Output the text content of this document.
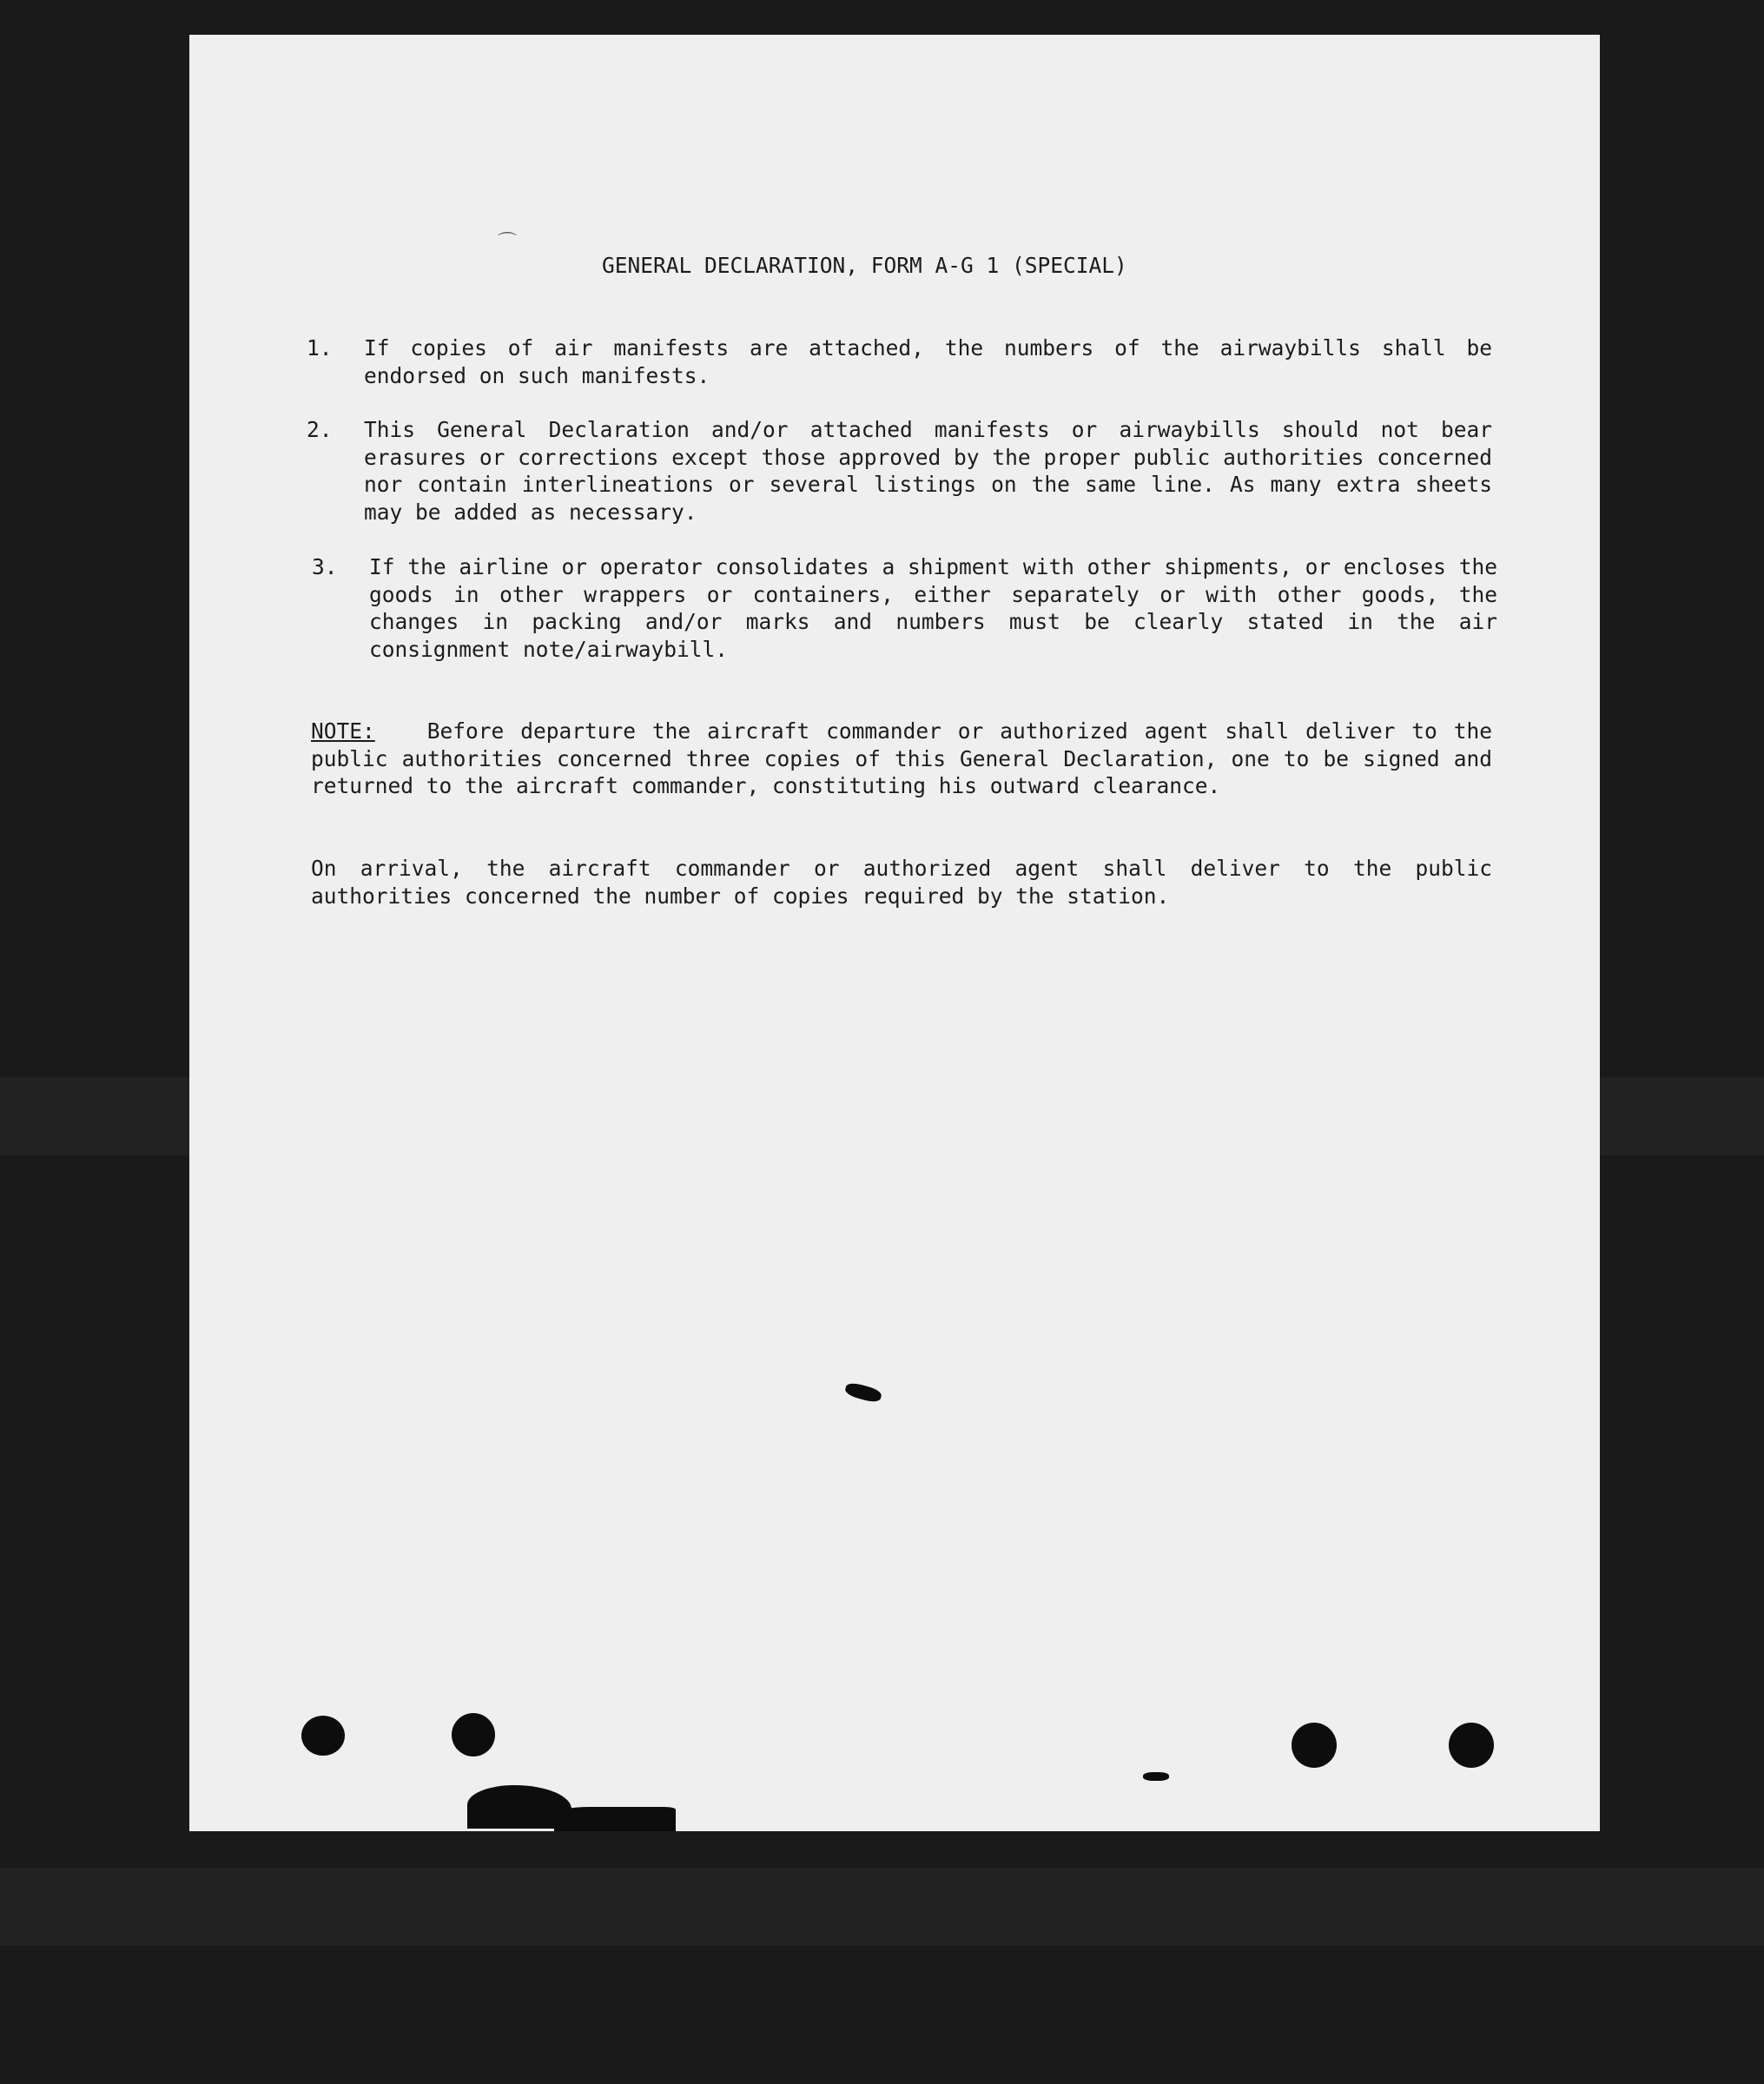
⌒
GENERAL DECLARATION, FORM A-G 1 (SPECIAL)
1. If copies of air manifests are attached, the numbers of the airwaybills shall be endorsed on such manifests.
2. This General Declaration and/or attached manifests or airwaybills should not bear erasures or corrections except those approved by the proper public authorities concerned nor contain interlineations or several listings on the same line. As many extra sheets may be added as necessary.
3. If the airline or operator consolidates a shipment with other shipments, or encloses the goods in other wrappers or containers, either separately or with other goods, the changes in packing and/or marks and numbers must be clearly stated in the air consignment note/airwaybill.
NOTE: Before departure the aircraft commander or authorized agent shall deliver to the public authorities concerned three copies of this General Declaration, one to be signed and returned to the aircraft commander, constituting his outward clearance.
On arrival, the aircraft commander or authorized agent shall deliver to the public authorities concerned the number of copies required by the station.
